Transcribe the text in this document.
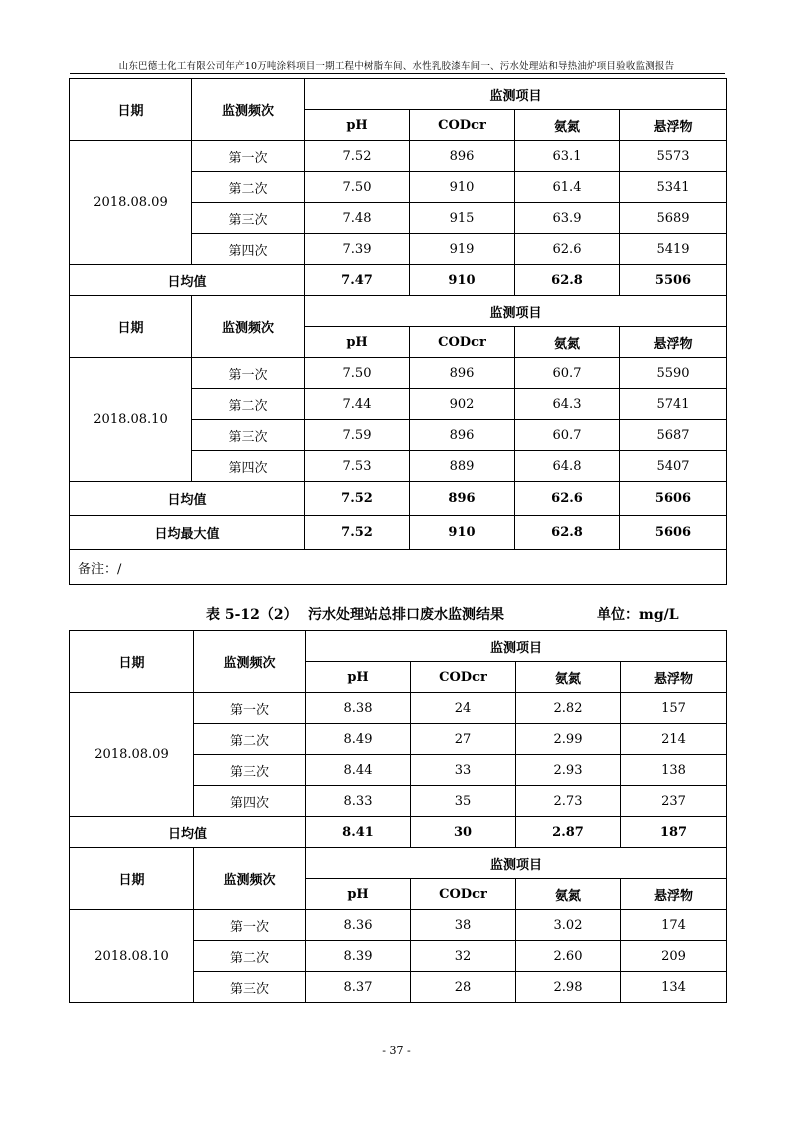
山东巴德士化工有限公司年产10万吨涂料项目一期工程中树脂车间、水性乳胶漆车间一、污水处理站和导热油炉项目验收监测报告
日期	监测频次	监测项目			
		pH	CODcr	氨氮	悬浮物
2018.08.09	第一次	7.52	896	63.1	5573
	第二次	7.50	910	61.4	5341
	第三次	7.48	915	63.9	5689
	第四次	7.39	919	62.6	5419
日均值		7.47	910	62.8	5506
日期	监测频次	监测项目			
		pH	CODcr	氨氮	悬浮物
2018.08.10	第一次	7.50	896	60.7	5590
	第二次	7.44	902	64.3	5741
	第三次	7.59	896	60.7	5687
	第四次	7.53	889	64.8	5407
日均值		7.52	896	62.6	5606
日均最大值		7.52	910	62.8	5606
备注：/					
表 5-12（2） 污水处理站总排口废水监测结果	单位：mg/L
日期	监测频次	监测项目			
		pH	CODcr	氨氮	悬浮物
2018.08.09	第一次	8.38	24	2.82	157
	第二次	8.49	27	2.99	214
	第三次	8.44	33	2.93	138
	第四次	8.33	35	2.73	237
日均值		8.41	30	2.87	187
日期	监测频次	监测项目			
		pH	CODcr	氨氮	悬浮物
2018.08.10	第一次	8.36	38	3.02	174
	第二次	8.39	32	2.60	209
	第三次	8.37	28	2.98	134
- 37 -
